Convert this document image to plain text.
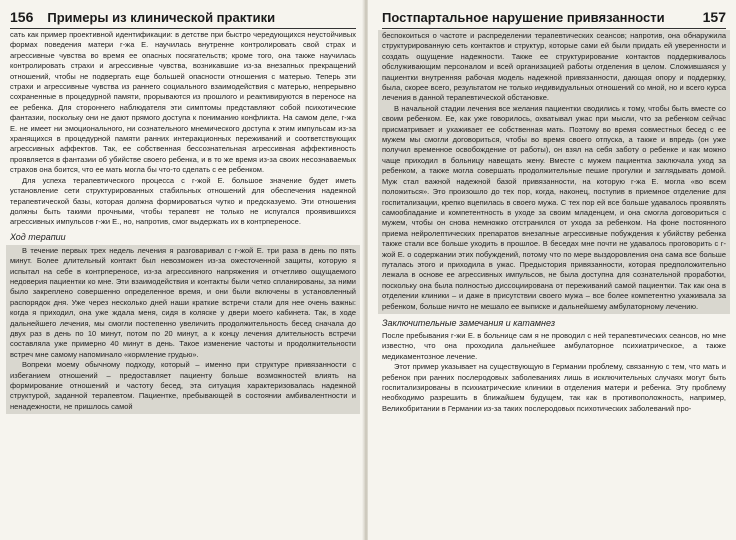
156 Примеры из клинической практики

сать как пример проективной идентификации: в детстве при быстро чередующихся неустойчивых формах поведения матери г-жа Е. научилась внутренне контролировать свой страх и агрессивные чувства во время ее опасных посягательств; кроме того, она также научилась контролировать страхи и агрессивные чувства, возникавшие из-за внезапных прекращений отношений, чтобы не подвергать еще большей опасности отношения с матерью. Теперь эти страхи и агрессивные чувства из раннего социального взаимодействия с матерью, непрерывно сохраненные в процедурной памяти, прорываются из прошлого и реактивируются в переносе на ее ребенка. Для стороннего наблюдателя эти симптомы представляют собой психотические фантазии, поскольку они не дают прямого доступа к пониманию конфликта. На самом деле, г-жа Е. не имеет ни эмоционального, ни сознательного мнемического доступа к этим импульсам из-за хранящихся в процедурной памяти ранних интеракционных переживаний и соответствующих агрессивных аффектов. Так, ее собственная бессознательная агрессивная аффективность проявляется в фантазии об убийстве своего ребенка, и в то же время из-за своих несознаваемых страхов она боится, что ее мать могла бы что-то сделать с ее ребенком.

Для успеха терапевтического процесса с г-жой Е. большое значение будет иметь установление сети структурированных стабильных отношений для обеспечения надежной терапевтической базы, которая должна формироваться чутко и предсказуемо. Эти отношения должны быть такими прочными, чтобы терапевт не только не испугался проявившихся агрессивных импульсов г-жи Е., но, напротив, смог выдержать их в контрпереносе.

Ход терапии

В течение первых трех недель лечения я разговаривал с г-жой Е. три раза в день по пять минут. Более длительный контакт был невозможен из-за ожесточенной защиты, которую я испытал на себе в контрпереносе, из-за агрессивного напряжения и отчетливо ощущаемого недоверия пациентки ко мне. Эти взаимодействия и контакты были четко спланированы, за ними было закреплено совершенно определенное время, и они были включены в установленный распорядок дня. Уже через несколько дней наши краткие встречи стали для нее очень важны: когда я приходил, она уже ждала меня, сидя в коляске у двери моего кабинета. Так, в ходе дальнейшего лечения, мы смогли постепенно увеличить продолжительность бесед сначала до двух раз в день по 10 минут, потом по 20 минут, а к концу лечения длительность встречи составляла уже примерно 40 минут в день. Такое изменение частоты и продолжительности встреч мне самому напоминало «кормление грудью».

Вопреки моему обычному подходу, который – именно при структуре привязанности с избеганием отношений – предоставляет пациенту больше возможностей влиять на формирование отношений и частоту бесед, эта ситуация характеризовалась надежной структурой, заданной терапевтом. Пациентке, пребывающей в состоянии амбивалентности и ненадежности, не пришлось самой

Постпартальное нарушение привязанности	157

беспокоиться о частоте и распределении терапевтических сеансов; напротив, она обнаружила структурированную сеть контактов и структур, которые сами ей были придать ей уверенности и создать ощущение надежности. Также ее структурирование контактов поддерживалось обслуживающим персоналом и всей организацией работы отделения в целом. Сложившаяся у пациентки внутренняя рабочая модель надежной привязанности, дающая опору и поддержку, была, скорее всего, результатом не только индивидуальных отношений со мной, но и всего курса лечения в данной терапевтической обстановке.

В начальной стадии лечения все желания пациентки сводились к тому, чтобы быть вместе со своим ребенком. Ее, как уже говорилось, охватывал ужас при мысли, что за ребенком сейчас присматривает и ухаживает ее собственная мать. Поэтому во время совместных бесед с ее мужем мы смогли договориться, чтобы во время своего отпуска, а также и впредь (он уже получил временное освобождение от работы), он взял на себя заботу о ребенке и как можно чаще приходил в больницу навещать жену. Вместе с мужем пациентка заключала уход за ребенком, а также могла совершать продолжительные пешие прогулки и заглядывать домой. Муж стал важной надежной базой привязанности, на которую г-жа Е. могла «во всем положиться». Это произошло до тех пор, когда, наконец, поступив в приемное отделение для госпитализации, крепко вцепилась в своего мужа. С тех пор ей все больше удавалось проявлять самообладание и компетентность в уходе за своим младенцем, и она смогла договориться с мужем, чтобы он снова немножко отстранился от ухода за ребенком. На фоне постоянного приема нейролептических препаратов внезапные агрессивные побуждения к убийству ребенка также стали все больше уходить в прошлое. В беседах мне почти не удавалось проговорить с г-жой Е. о содержании этих побуждений, потому что по мере выздоровления она сама все больше путалась этого и приходила в ужас. Предыстория привязанности, которая предположительно лежала в основе ее агрессивных импульсов, не была доступна для сознательной проработки, поскольку она была полностью диссоциирована от переживаний самой пациентки. Так как она в отделении клиники – и даже в присутствии своего мужа – все более компетентно ухаживала за ребенком, больше ничто не мешало ее выписке и дальнейшему амбулаторному лечению.

Заключительные замечания и катамнез

После пребывания г-жи Е. в больнице сам я не проводил с ней терапевтических сеансов, но мне известно, что она проходила дальнейшее амбулаторное психиатрическое, а также медикаментозное лечение.

Этот пример указывает на существующую в Германии проблему, связанную с тем, что мать и ребенок при ранних послеродовых заболеваниях лишь в исключительных случаях могут быть госпитализированы в психиатрические клиники в отделения матери и ребенка. Эту проблему необходимо разрешить в ближайшем будущем, так как в противоположность, например, Великобритании в Германии из-за таких послеродовых психотических заболеваний про-
